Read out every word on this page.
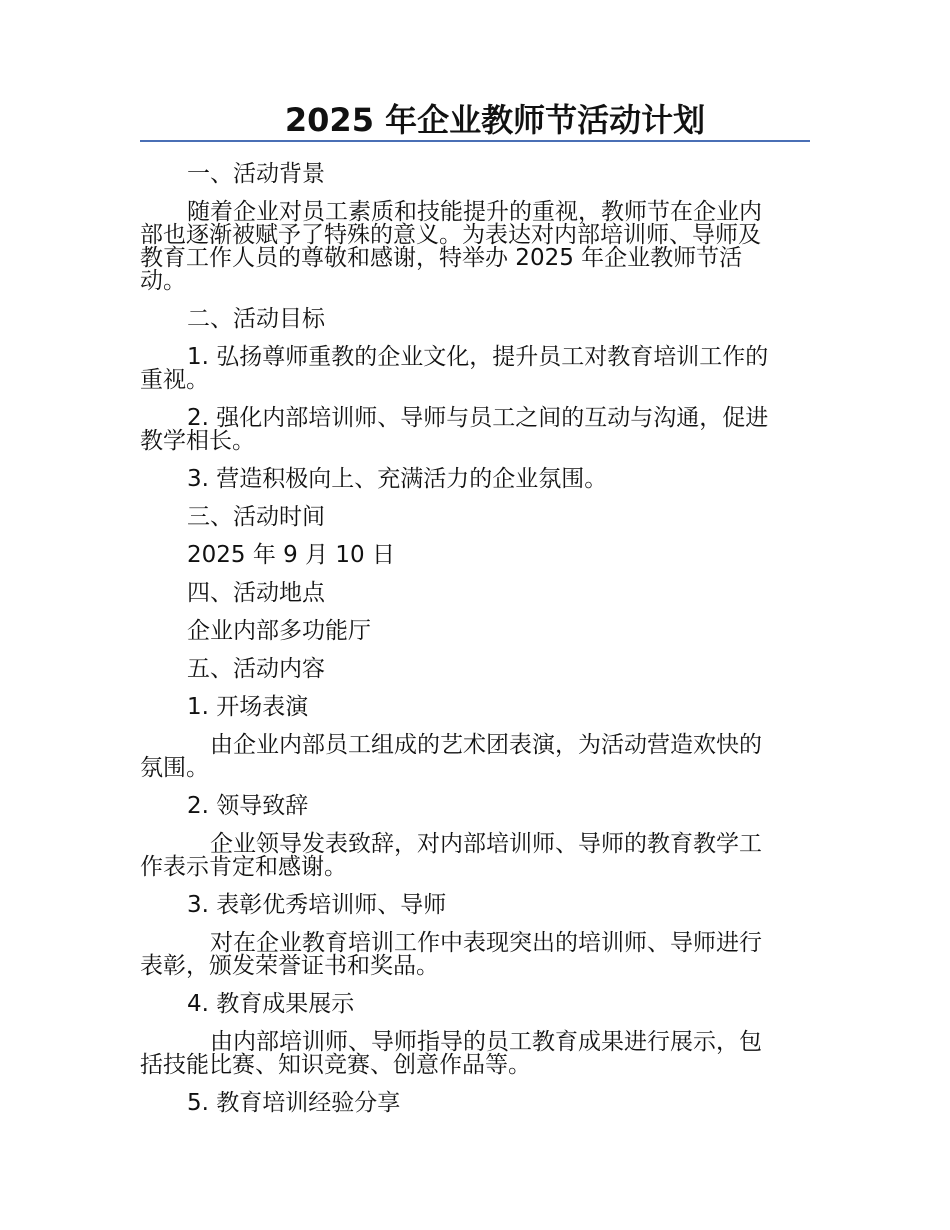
2025 年企业教师节活动计划
一、活动背景
随着企业对员工素质和技能提升的重视，教师节在企业内
部也逐渐被赋予了特殊的意义。为表达对内部培训师、导师及
教育工作人员的尊敬和感谢，特举办 2025 年企业教师节活
动。
二、活动目标
1. 弘扬尊师重教的企业文化，提升员工对教育培训工作的
重视。
2. 强化内部培训师、导师与员工之间的互动与沟通，促进
教学相长。
3. 营造积极向上、充满活力的企业氛围。
三、活动时间
2025 年 9 月 10 日
四、活动地点
企业内部多功能厅
五、活动内容
1. 开场表演
由企业内部员工组成的艺术团表演，为活动营造欢快的
氛围。
2. 领导致辞
企业领导发表致辞，对内部培训师、导师的教育教学工
作表示肯定和感谢。
3. 表彰优秀培训师、导师
对在企业教育培训工作中表现突出的培训师、导师进行
表彰，颁发荣誉证书和奖品。
4. 教育成果展示
由内部培训师、导师指导的员工教育成果进行展示，包
括技能比赛、知识竞赛、创意作品等。
5. 教育培训经验分享
